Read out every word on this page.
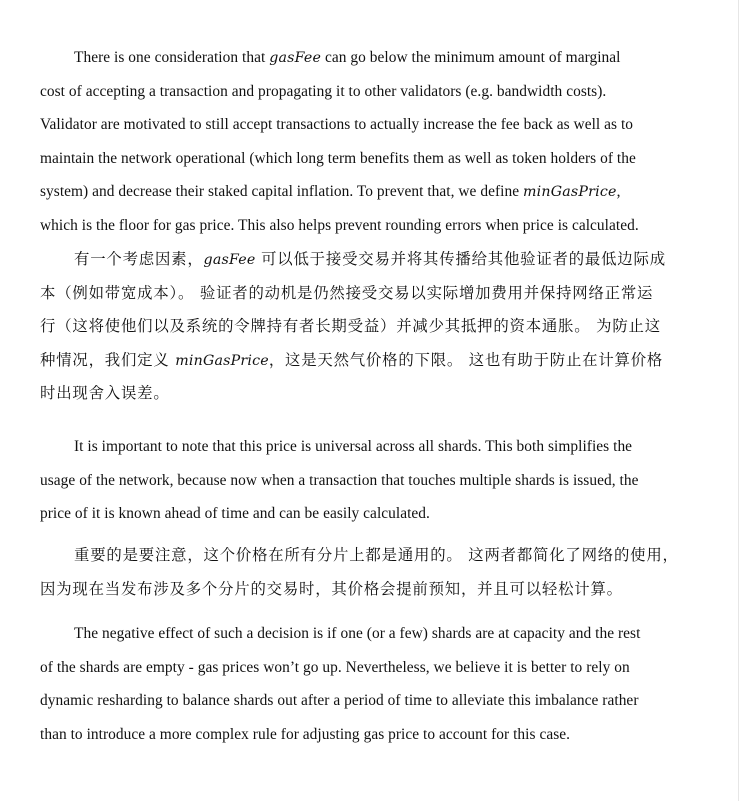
There is one consideration that gasFee can go below the minimum amount of marginal
cost of accepting a transaction and propagating it to other validators (e.g. bandwidth costs).
Validator are motivated to still accept transactions to actually increase the fee back as well as to
maintain the network operational (which long term benefits them as well as token holders of the
system) and decrease their staked capital inflation. To prevent that, we define minGasPrice,
which is the floor for gas price. This also helps prevent rounding errors when price is calculated.
有一个考虑因素，gasFee 可以低于接受交易并将其传播给其他验证者的最低边际成
本（例如带宽成本）。 验证者的动机是仍然接受交易以实际增加费用并保持网络正常运
行（这将使他们以及系统的令牌持有者长期受益）并减少其抵押的资本通胀。 为防止这
种情况，我们定义 minGasPrice，这是天然气价格的下限。 这也有助于防止在计算价格
时出现舍入误差。
It is important to note that this price is universal across all shards. This both simplifies the
usage of the network, because now when a transaction that touches multiple shards is issued, the
price of it is known ahead of time and can be easily calculated.
重要的是要注意，这个价格在所有分片上都是通用的。 这两者都简化了网络的使用，
因为现在当发布涉及多个分片的交易时，其价格会提前预知，并且可以轻松计算。
The negative effect of such a decision is if one (or a few) shards are at capacity and the rest
of the shards are empty - gas prices won’t go up. Nevertheless, we believe it is better to rely on
dynamic resharding to balance shards out after a period of time to alleviate this imbalance rather
than to introduce a more complex rule for adjusting gas price to account for this case.
